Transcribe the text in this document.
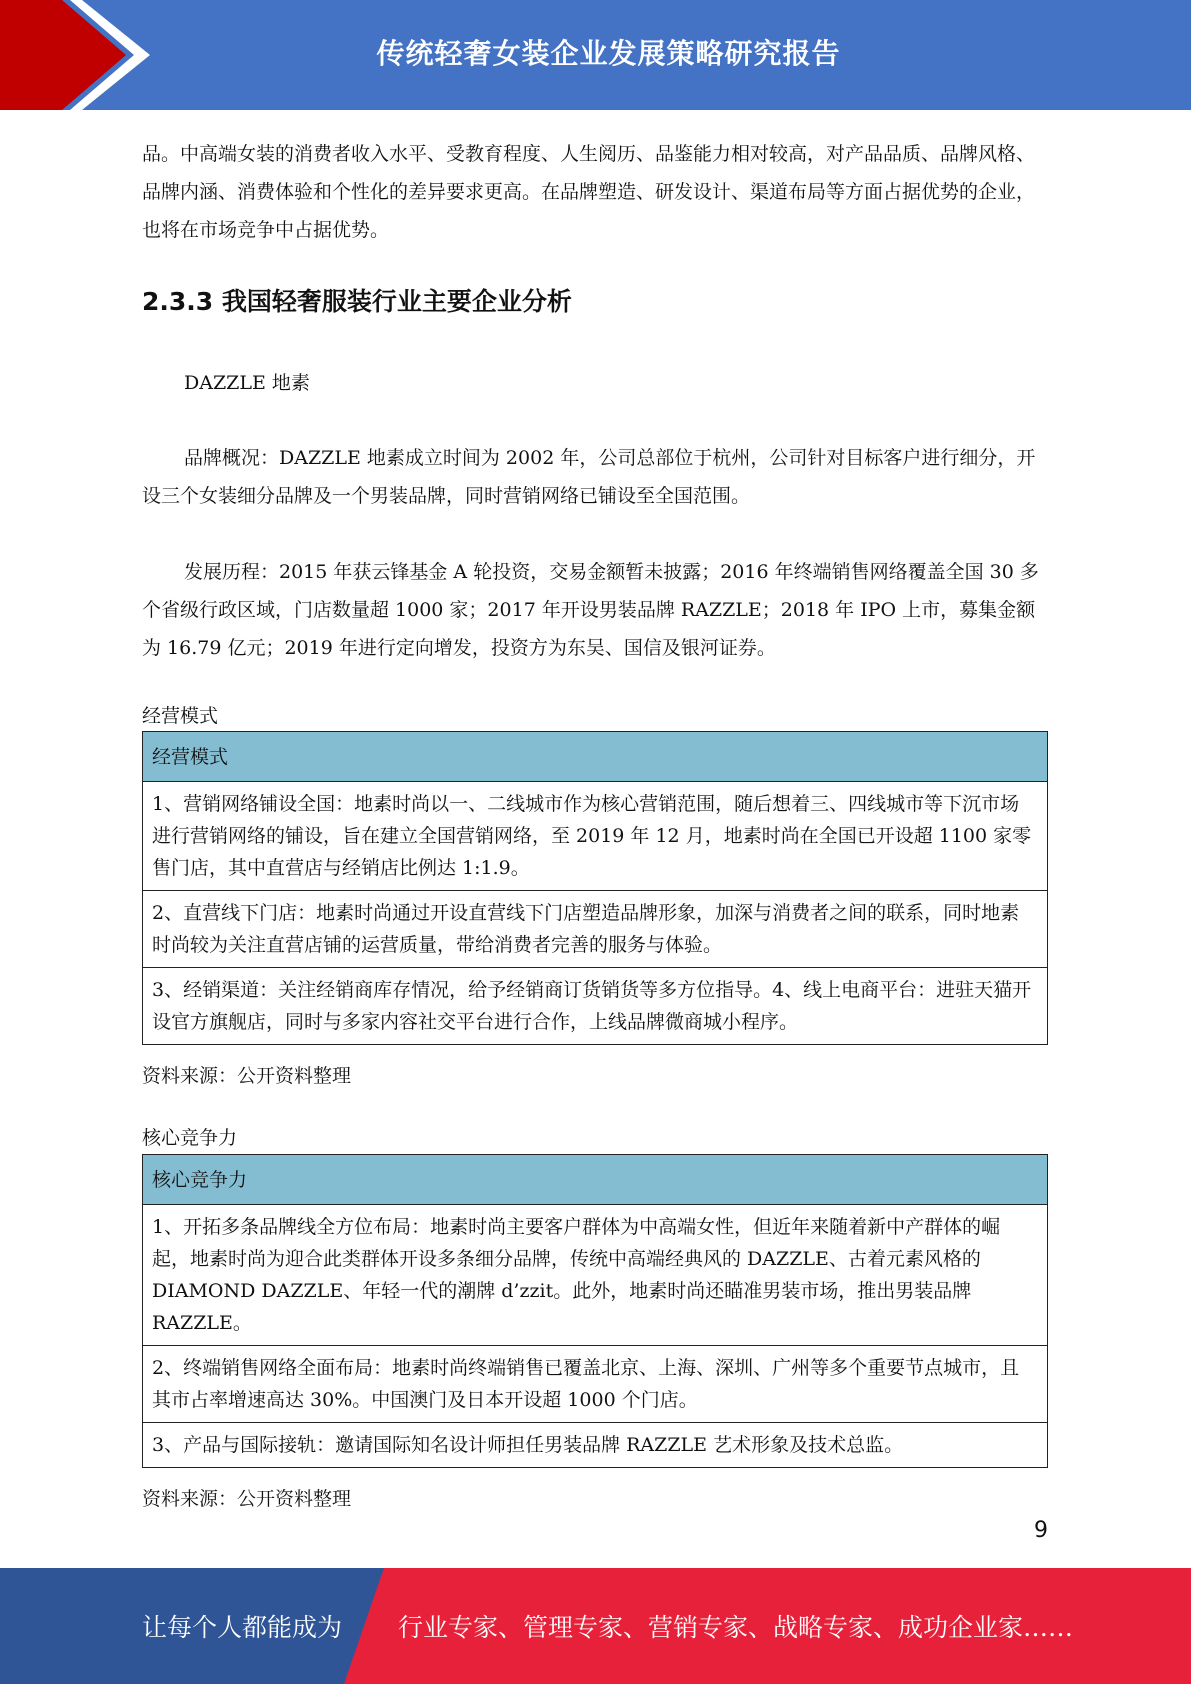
传统轻奢女装企业发展策略研究报告

品。中高端女装的消费者收入水平、受教育程度、人生阅历、品鉴能力相对较高，对产品品质、品牌风格、品牌内涵、消费体验和个性化的差异要求更高。在品牌塑造、研发设计、渠道布局等方面占据优势的企业，也将在市场竞争中占据优势。

2.3.3 我国轻奢服装行业主要企业分析

DAZZLE 地素

品牌概况：DAZZLE 地素成立时间为 2002 年，公司总部位于杭州，公司针对目标客户进行细分，开设三个女装细分品牌及一个男装品牌，同时营销网络已铺设至全国范围。

发展历程：2015 年获云锋基金 A 轮投资，交易金额暂未披露；2016 年终端销售网络覆盖全国 30 多个省级行政区域，门店数量超 1000 家；2017 年开设男装品牌 RAZZLE；2018 年 IPO 上市，募集金额为 16.79 亿元；2019 年进行定向增发，投资方为东吴、国信及银河证券。

经营模式

经营模式
1、营销网络铺设全国：地素时尚以一、二线城市作为核心营销范围，随后想着三、四线城市等下沉市场进行营销网络的铺设，旨在建立全国营销网络，至 2019 年 12 月，地素时尚在全国已开设超 1100 家零售门店，其中直营店与经销店比例达 1:1.9。
2、直营线下门店：地素时尚通过开设直营线下门店塑造品牌形象，加深与消费者之间的联系，同时地素时尚较为关注直营店铺的运营质量，带给消费者完善的服务与体验。
3、经销渠道：关注经销商库存情况，给予经销商订货销货等多方位指导。4、线上电商平台：进驻天猫开设官方旗舰店，同时与多家内容社交平台进行合作，上线品牌微商城小程序。

资料来源：公开资料整理

核心竞争力

核心竞争力
1、开拓多条品牌线全方位布局：地素时尚主要客户群体为中高端女性，但近年来随着新中产群体的崛起，地素时尚为迎合此类群体开设多条细分品牌，传统中高端经典风的 DAZZLE、古着元素风格的 DIAMOND DAZZLE、年轻一代的潮牌 d’zzit。此外，地素时尚还瞄准男装市场，推出男装品牌 RAZZLE。
2、终端销售网络全面布局：地素时尚终端销售已覆盖北京、上海、深圳、广州等多个重要节点城市，且其市占率增速高达 30%。中国澳门及日本开设超 1000 个门店。
3、产品与国际接轨：邀请国际知名设计师担任男装品牌 RAZZLE 艺术形象及技术总监。

资料来源：公开资料整理

9
让每个人都能成为 行业专家、管理专家、营销专家、战略专家、成功企业家……
